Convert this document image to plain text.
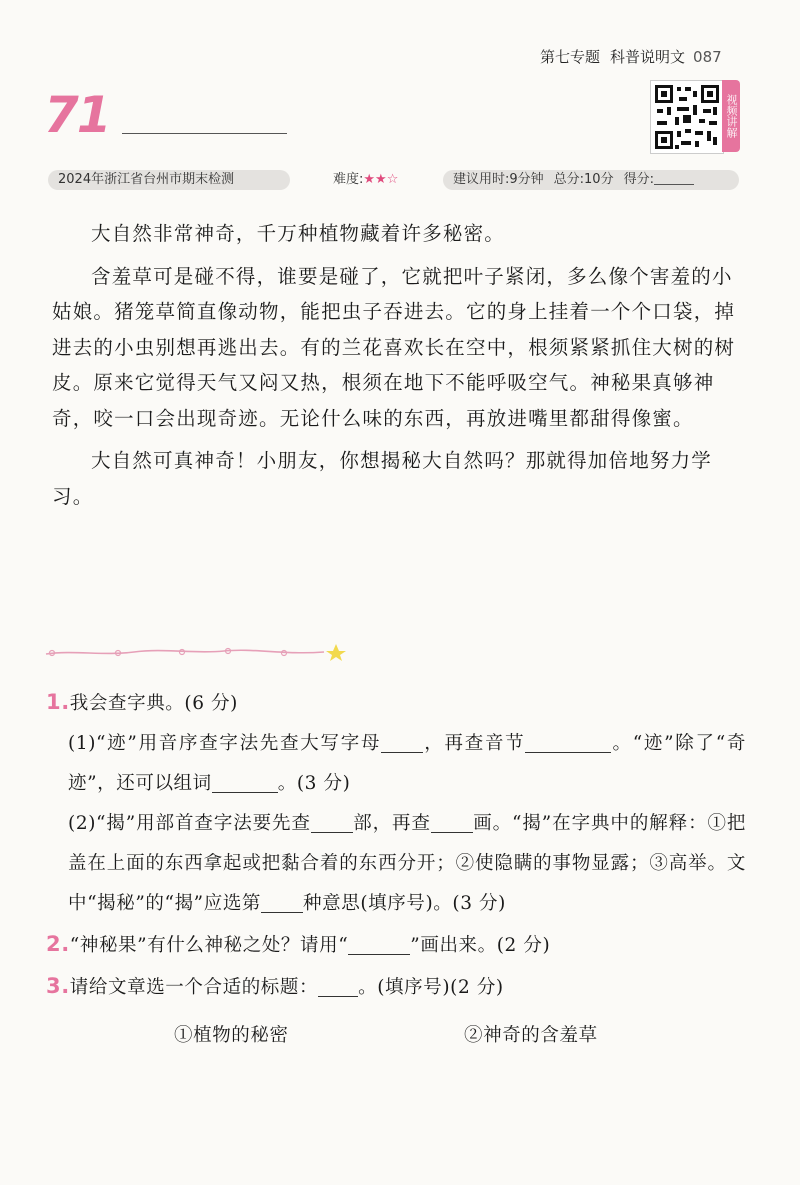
第七专题 科普说明文 087
71	视频讲解
2024年浙江省台州市期末检测	难度:★★☆	建议用时:9分钟 总分:10分 得分:

大自然非常神奇，千万种植物藏着许多秘密。

含羞草可是碰不得，谁要是碰了，它就把叶子紧闭，多么像个害羞的小姑娘。猪笼草简直像动物，能把虫子吞进去。它的身上挂着一个个口袋，掉进去的小虫别想再逃出去。有的兰花喜欢长在空中，根须紧紧抓住大树的树皮。原来它觉得天气又闷又热，根须在地下不能呼吸空气。神秘果真够神奇，咬一口会出现奇迹。无论什么味的东西，再放进嘴里都甜得像蜜。

大自然可真神奇！小朋友，你想揭秘大自然吗？那就得加倍地努力学习。

1.我会查字典。(6 分)
(1)“迹”用音序查字法先查大写字母 ，再查音节	。“迹”除了“奇迹”，还可以组词	。(3 分)
(2)“揭”用部首查字法要先查 部，再查 画。“揭”在字典中的解释：①把盖在上面的东西拿起或把黏合着的东西分开；②使隐瞒的事物显露；③高举。文中“揭秘”的“揭”应选第 种意思(填序号)。(3 分)
2.“神秘果”有什么神秘之处？请用“	”画出来。(2 分)
3.请给文章选一个合适的标题： 。(填序号)(2 分)
①植物的秘密	②神奇的含羞草
